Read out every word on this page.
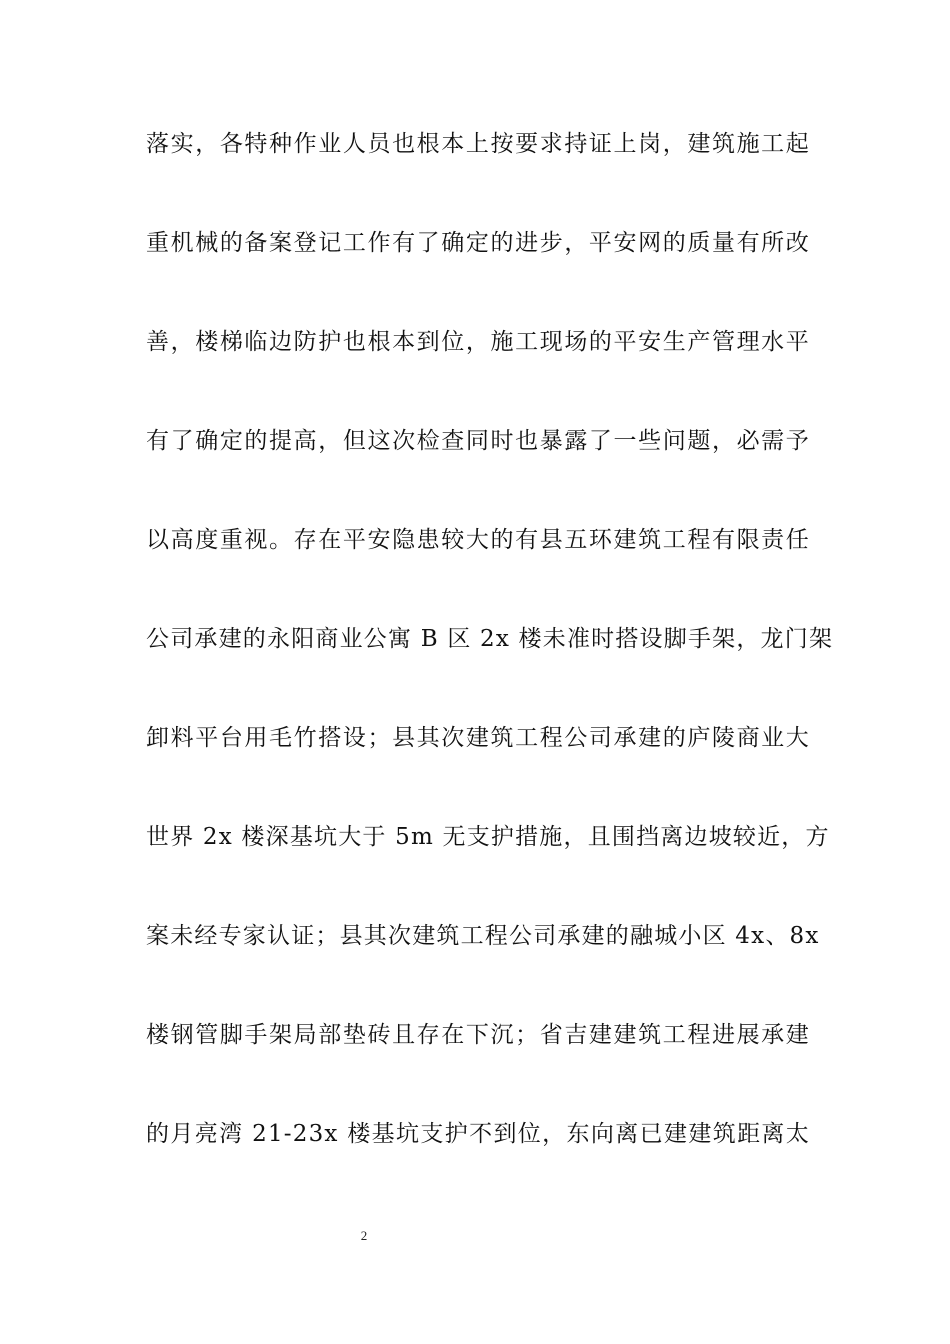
落实，各特种作业人员也根本上按要求持证上岗，建筑施工起
重机械的备案登记工作有了确定的进步，平安网的质量有所改
善，楼梯临边防护也根本到位，施工现场的平安生产管理水平
有了确定的提高，但这次检查同时也暴露了一些问题，必需予
以高度重视。存在平安隐患较大的有县五环建筑工程有限责任
公司承建的永阳商业公寓 B 区 2x 楼未准时搭设脚手架，龙门架
卸料平台用毛竹搭设；县其次建筑工程公司承建的庐陵商业大
世界 2x 楼深基坑大于 5m 无支护措施，且围挡离边坡较近，方
案未经专家认证；县其次建筑工程公司承建的融城小区 4x、8x
楼钢管脚手架局部垫砖且存在下沉；省吉建建筑工程进展承建
的月亮湾 21-23x 楼基坑支护不到位，东向离已建建筑距离太
2
